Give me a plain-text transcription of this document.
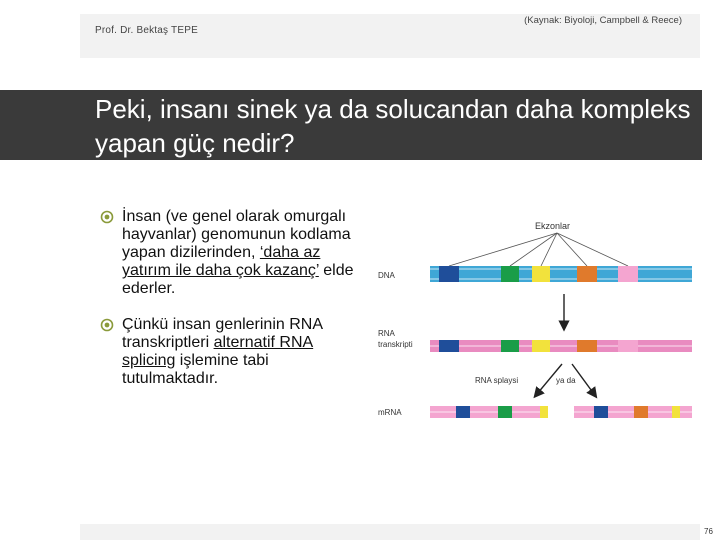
Prof. Dr. Bektaş TEPE
(Kaynak: Biyoloji, Campbell & Reece)
Peki, insanı sinek ya da solucandan daha kompleks yapan güç nedir?
İnsan (ve genel olarak omurgalı hayvanlar) genomunun kodlama yapan dizilerinden, ‘daha az yatırım ile daha çok kazanç’ elde ederler.
Çünkü insan genlerinin RNA transkriptleri alternatif RNA splicing işlemine tabi tutulmaktadır.
Ekzonlar
DNA
RNA
transkripti
RNA splaysi	ya da
mRNA
76
